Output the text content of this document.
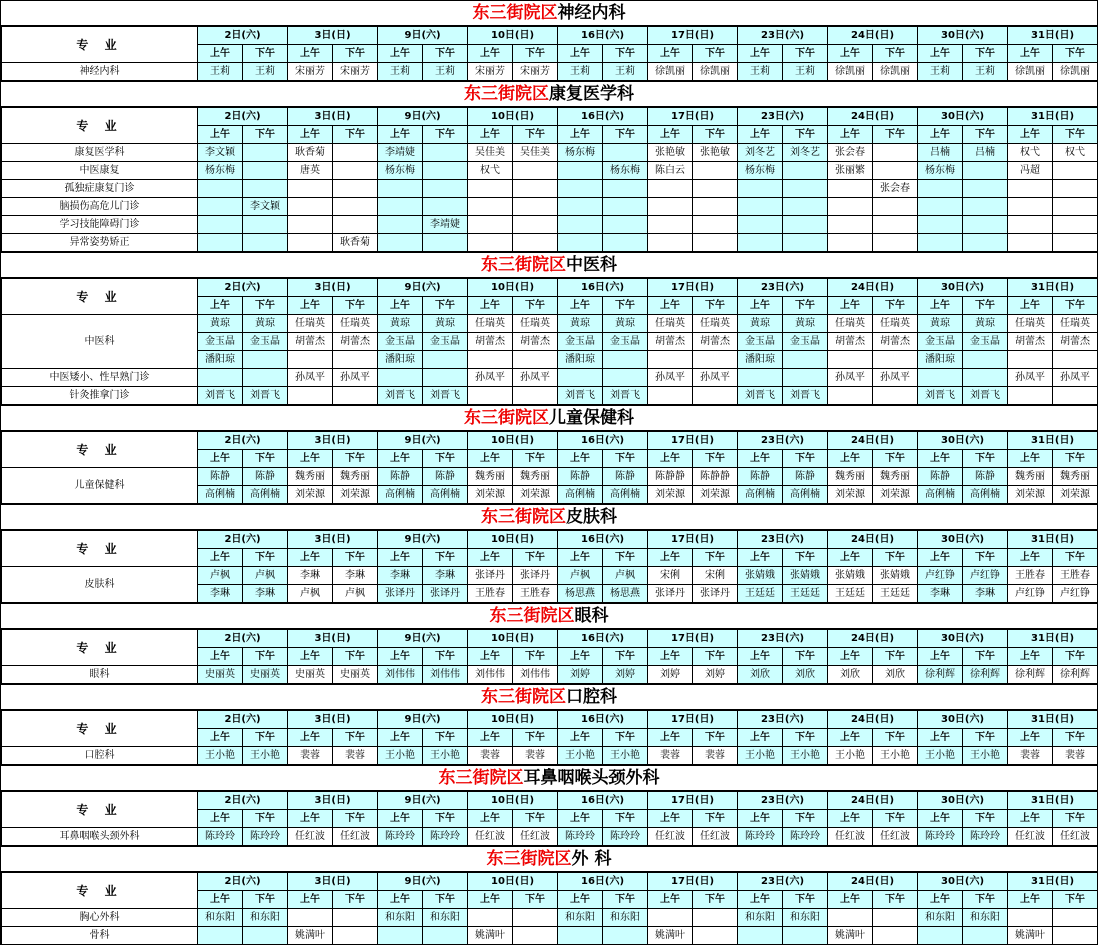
东三街院区神经内科
专 业	2日(六)		3日(日)		9日(六)		10日(日)		16日(六)		17日(日)		23日(六)		24日(日)		30日(六)		31日(日)	
	上午	下午	上午	下午	上午	下午	上午	下午	上午	下午	上午	下午	上午	下午	上午	下午	上午	下午	上午	下午
神经内科	王莉	王莉	宋丽芳	宋丽芳	王莉	王莉	宋丽芳	宋丽芳	王莉	王莉	徐凯丽	徐凯丽	王莉	王莉	徐凯丽	徐凯丽	王莉	王莉	徐凯丽	徐凯丽
东三街院区康复医学科
专 业	2日(六)		3日(日)		9日(六)		10日(日)		16日(六)		17日(日)		23日(六)		24日(日)		30日(六)		31日(日)	
	上午	下午	上午	下午	上午	下午	上午	下午	上午	下午	上午	下午	上午	下午	上午	下午	上午	下午	上午	下午
康复医学科	李文颖		耿香菊		李靖婕		吴佳美	吴佳美	杨东梅		张艳敏	张艳敏	刘冬艺	刘冬艺	张会春		吕楠	吕楠	权弋	权弋
中医康复	杨东梅		唐英		杨东梅		权弋			杨东梅	陈白云		杨东梅		张丽繁		杨东梅		冯超	
孤独症康复门诊																张会春				
脑损伤高危儿门诊		李文颖																		
学习技能障碍门诊						李靖婕														
异常姿势矫正				耿香菊																
东三街院区中医科
专 业	2日(六)		3日(日)		9日(六)		10日(日)		16日(六)		17日(日)		23日(六)		24日(日)		30日(六)		31日(日)	
	上午	下午	上午	下午	上午	下午	上午	下午	上午	下午	上午	下午	上午	下午	上午	下午	上午	下午	上午	下午
中医科	黄琼	黄琼	任瑞英	任瑞英	黄琼	黄琼	任瑞英	任瑞英	黄琼	黄琼	任瑞英	任瑞英	黄琼	黄琼	任瑞英	任瑞英	黄琼	黄琼	任瑞英	任瑞英
	金玉晶	金玉晶	胡蕾杰	胡蕾杰	金玉晶	金玉晶	胡蕾杰	胡蕾杰	金玉晶	金玉晶	胡蕾杰	胡蕾杰	金玉晶	金玉晶	胡蕾杰	胡蕾杰	金玉晶	金玉晶	胡蕾杰	胡蕾杰
	潘阳琼				潘阳琼				潘阳琼				潘阳琼				潘阳琼			
中医矮小、性早熟门诊			孙凤平	孙凤平			孙凤平	孙凤平			孙凤平	孙凤平			孙凤平	孙凤平			孙凤平	孙凤平
针灸推拿门诊	刘晋飞	刘晋飞			刘晋飞	刘晋飞			刘晋飞	刘晋飞			刘晋飞	刘晋飞			刘晋飞	刘晋飞		
东三街院区儿童保健科
专 业	2日(六)		3日(日)		9日(六)		10日(日)		16日(六)		17日(日)		23日(六)		24日(日)		30日(六)		31日(日)	
	上午	下午	上午	下午	上午	下午	上午	下午	上午	下午	上午	下午	上午	下午	上午	下午	上午	下午	上午	下午
儿童保健科	陈静	陈静	魏秀丽	魏秀丽	陈静	陈静	魏秀丽	魏秀丽	陈静	陈静	陈静静	陈静静	陈静	陈静	魏秀丽	魏秀丽	陈静	陈静	魏秀丽	魏秀丽
	高俐楠	高俐楠	刘荣源	刘荣源	高俐楠	高俐楠	刘荣源	刘荣源	高俐楠	高俐楠	刘荣源	刘荣源	高俐楠	高俐楠	刘荣源	刘荣源	高俐楠	高俐楠	刘荣源	刘荣源
东三街院区皮肤科
专 业	2日(六)		3日(日)		9日(六)		10日(日)		16日(六)		17日(日)		23日(六)		24日(日)		30日(六)		31日(日)	
	上午	下午	上午	下午	上午	下午	上午	下午	上午	下午	上午	下午	上午	下午	上午	下午	上午	下午	上午	下午
皮肤科	卢枫	卢枫	李琳	李琳	李琳	李琳	张译丹	张译丹	卢枫	卢枫	宋俐	宋俐	张婧娥	张婧娥	张婧娥	张婧娥	卢红铮	卢红铮	王胜春	王胜春
	李琳	李琳	卢枫	卢枫	张译丹	张译丹	王胜春	王胜春	杨思燕	杨思燕	张译丹	张译丹	王廷廷	王廷廷	王廷廷	王廷廷	李琳	李琳	卢红铮	卢红铮
东三街院区眼科
专 业	2日(六)		3日(日)		9日(六)		10日(日)		16日(六)		17日(日)		23日(六)		24日(日)		30日(六)		31日(日)	
	上午	下午	上午	下午	上午	下午	上午	下午	上午	下午	上午	下午	上午	下午	上午	下午	上午	下午	上午	下午
眼科	史丽英	史丽英	史丽英	史丽英	刘伟伟	刘伟伟	刘伟伟	刘伟伟	刘婷	刘婷	刘婷	刘婷	刘欣	刘欣	刘欣	刘欣	徐利辉	徐利辉	徐利辉	徐利辉
东三街院区口腔科
专 业	2日(六)		3日(日)		9日(六)		10日(日)		16日(六)		17日(日)		23日(六)		24日(日)		30日(六)		31日(日)	
	上午	下午	上午	下午	上午	下午	上午	下午	上午	下午	上午	下午	上午	下午	上午	下午	上午	下午	上午	下午
口腔科	王小艳	王小艳	裴蓉	裴蓉	王小艳	王小艳	裴蓉	裴蓉	王小艳	王小艳	裴蓉	裴蓉	王小艳	王小艳	王小艳	王小艳	王小艳	王小艳	裴蓉	裴蓉
东三街院区耳鼻咽喉头颈外科
专 业	2日(六)		3日(日)		9日(六)		10日(日)		16日(六)		17日(日)		23日(六)		24日(日)		30日(六)		31日(日)	
	上午	下午	上午	下午	上午	下午	上午	下午	上午	下午	上午	下午	上午	下午	上午	下午	上午	下午	上午	下午
耳鼻咽喉头颈外科	陈玲玲	陈玲玲	任红波	任红波	陈玲玲	陈玲玲	任红波	任红波	陈玲玲	陈玲玲	任红波	任红波	陈玲玲	陈玲玲	任红波	任红波	陈玲玲	陈玲玲	任红波	任红波
东三街院区外 科
专 业	2日(六)		3日(日)		9日(六)		10日(日)		16日(六)		17日(日)		23日(六)		24日(日)		30日(六)		31日(日)	
	上午	下午	上午	下午	上午	下午	上午	下午	上午	下午	上午	下午	上午	下午	上午	下午	上午	下午	上午	下午
胸心外科	和东阳	和东阳			和东阳	和东阳			和东阳	和东阳			和东阳	和东阳			和东阳	和东阳		
骨科			姚满叶				姚满叶				姚满叶				姚满叶				姚满叶	
